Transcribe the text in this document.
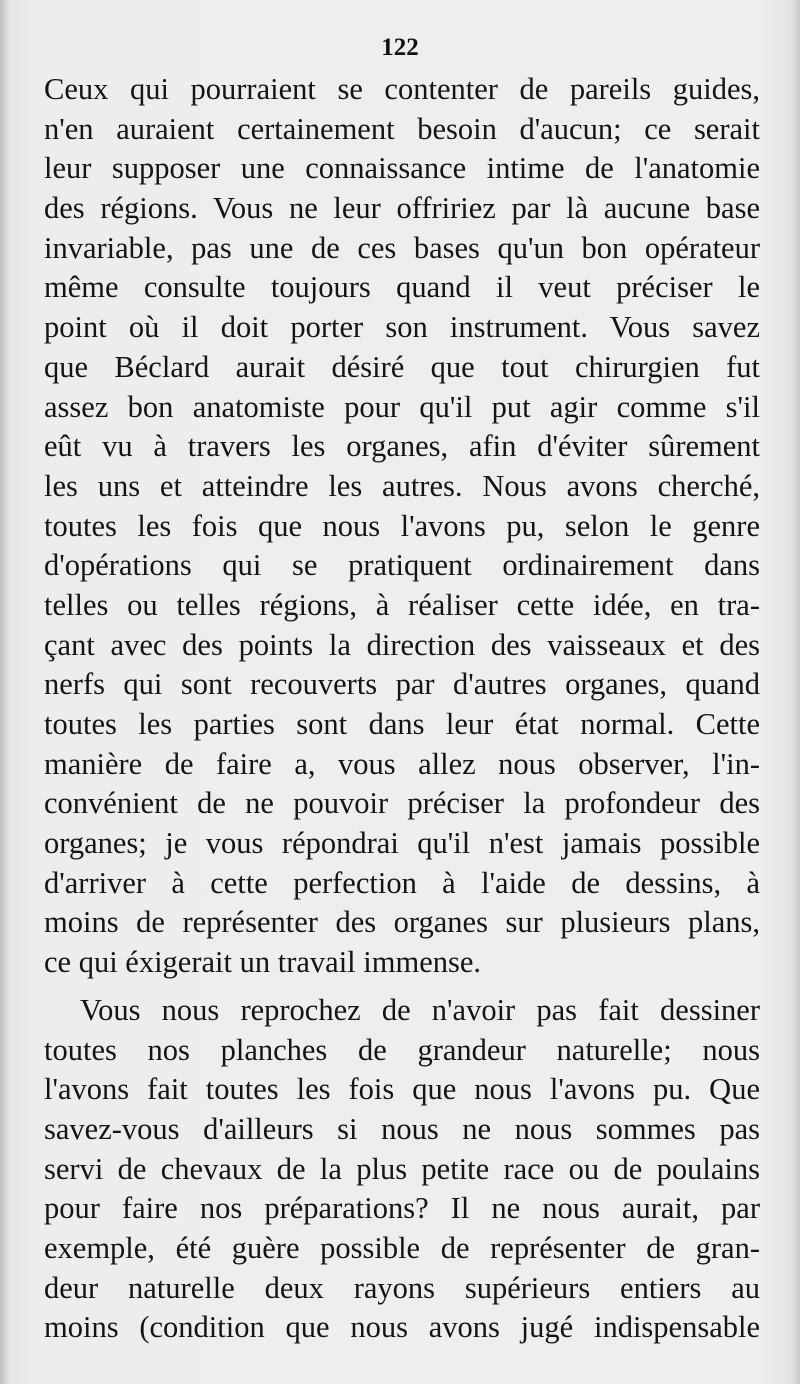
122
Ceux qui pourraient se contenter de pareils guides,
n'en auraient certainement besoin d'aucun; ce serait
leur supposer une connaissance intime de l'anatomie
des régions. Vous ne leur offririez par là aucune base
invariable, pas une de ces bases qu'un bon opérateur
même consulte toujours quand il veut préciser le
point où il doit porter son instrument. Vous savez
que Béclard aurait désiré que tout chirurgien fut
assez bon anatomiste pour qu'il put agir comme s'il
eût vu à travers les organes, afin d'éviter sûrement
les uns et atteindre les autres. Nous avons cherché,
toutes les fois que nous l'avons pu, selon le genre
d'opérations qui se pratiquent ordinairement dans
telles ou telles régions, à réaliser cette idée, en tra-
çant avec des points la direction des vaisseaux et des
nerfs qui sont recouverts par d'autres organes, quand
toutes les parties sont dans leur état normal. Cette
manière de faire a, vous allez nous observer, l'in-
convénient de ne pouvoir préciser la profondeur des
organes; je vous répondrai qu'il n'est jamais possible
d'arriver à cette perfection à l'aide de dessins, à
moins de représenter des organes sur plusieurs plans,
ce qui éxigerait un travail immense.
Vous nous reprochez de n'avoir pas fait dessiner
toutes nos planches de grandeur naturelle; nous
l'avons fait toutes les fois que nous l'avons pu. Que
savez-vous d'ailleurs si nous ne nous sommes pas
servi de chevaux de la plus petite race ou de poulains
pour faire nos préparations? Il ne nous aurait, par
exemple, été guère possible de représenter de gran-
deur naturelle deux rayons supérieurs entiers au
moins (condition que nous avons jugé indispensable
